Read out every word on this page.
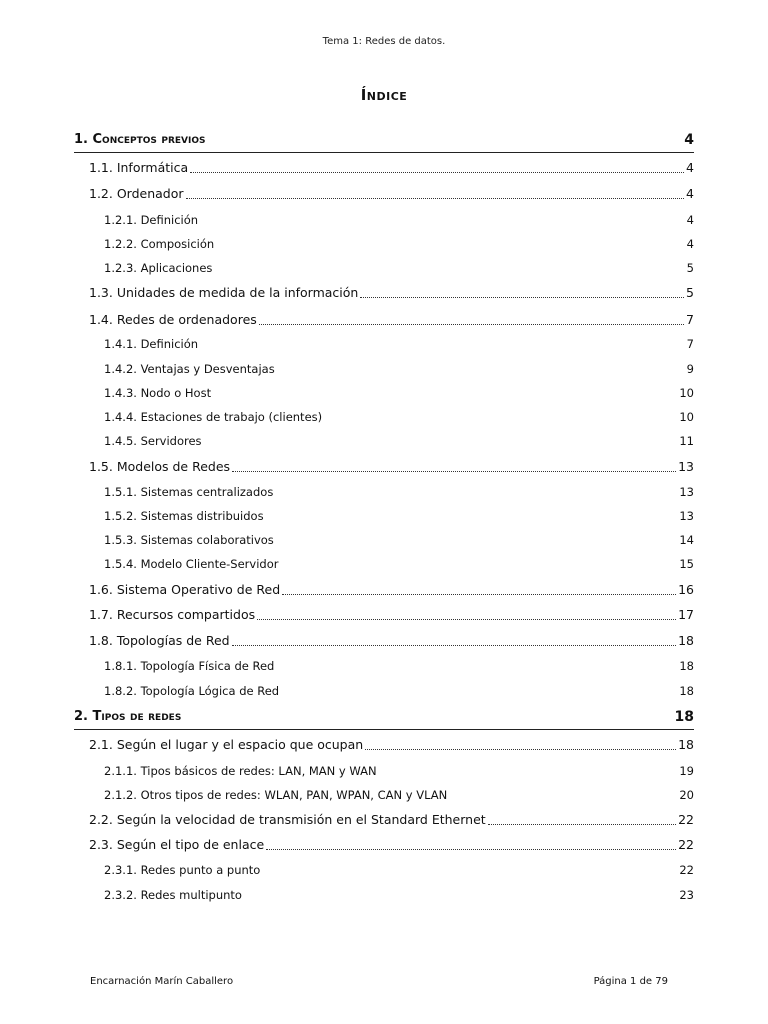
Tema 1: Redes de datos.
Índice
1. Conceptos previos	4
1.1. Informática	4
1.2. Ordenador	4
1.2.1. Definición	4
1.2.2. Composición	4
1.2.3. Aplicaciones	5
1.3. Unidades de medida de la información	5
1.4. Redes de ordenadores	7
1.4.1. Definición	7
1.4.2. Ventajas y Desventajas	9
1.4.3. Nodo o Host	10
1.4.4. Estaciones de trabajo (clientes)	10
1.4.5. Servidores	11
1.5. Modelos de Redes	13
1.5.1. Sistemas centralizados	13
1.5.2. Sistemas distribuidos	13
1.5.3. Sistemas colaborativos	14
1.5.4. Modelo Cliente-Servidor	15
1.6. Sistema Operativo de Red	16
1.7. Recursos compartidos	17
1.8. Topologías de Red	18
1.8.1. Topología Física de Red	18
1.8.2. Topología Lógica de Red	18
2. Tipos de redes	18
2.1. Según el lugar y el espacio que ocupan	18
2.1.1. Tipos básicos de redes: LAN, MAN y WAN	19
2.1.2. Otros tipos de redes: WLAN, PAN, WPAN, CAN y VLAN	20
2.2. Según la velocidad de transmisión en el Standard Ethernet	22
2.3. Según el tipo de enlace	22
2.3.1. Redes punto a punto	22
2.3.2. Redes multipunto	23
Encarnación Marín Caballero	Página 1 de 79
